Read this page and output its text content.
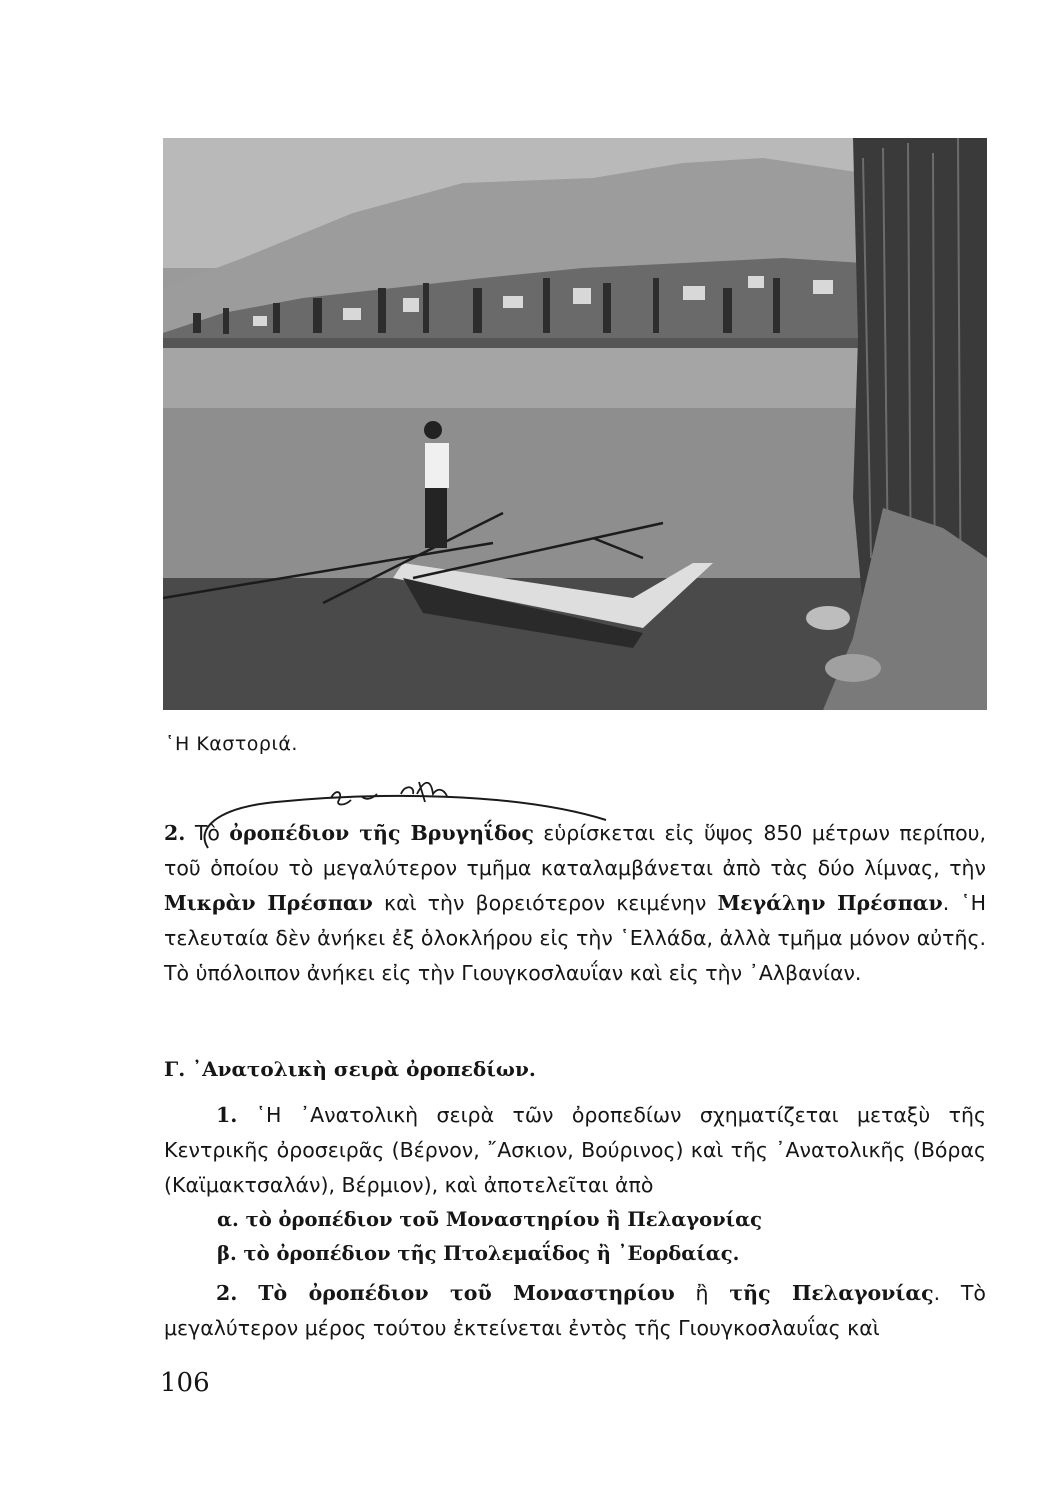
῾Η Καστοριά.
2. Τὸ ὀροπέδιον τῆς Βρυγηΐδος εὑρίσκεται εἰς ὕψος 850 μέτρων περίπου, τοῦ ὁποίου τὸ μεγαλύτερον τμῆμα καταλαμβάνεται ἀπὸ τὰς δύο λίμνας, τὴν Μικρὰν Πρέσπαν καὶ τὴν βορειότερον κειμένην Μεγάλην Πρέσπαν. ῾Η τελευταία δὲν ἀνήκει ἐξ ὁλοκλήρου εἰς τὴν ῾Ελλάδα, ἀλλὰ τμῆμα μόνον αὐτῆς. Τὸ ὑπόλοιπον ἀνήκει εἰς τὴν Γιουγκοσλαυΐαν καὶ εἰς τὴν ᾿Αλβανίαν.
Γ. ᾿Ανατολικὴ σειρὰ ὀροπεδίων.
1. ῾Η ᾿Ανατολικὴ σειρὰ τῶν ὀροπεδίων σχηματίζεται μεταξὺ τῆς Κεντρικῆς ὀροσειρᾶς (Βέρνον, ῎Ασκιον, Βούρινος) καὶ τῆς ᾿Ανατολικῆς (Βόρας (Καϊμακτσαλάν), Βέρμιον), καὶ ἀποτελεῖται ἀπὸ
α. τὸ ὀροπέδιον τοῦ Μοναστηρίου ἢ Πελαγονίας
β. τὸ ὀροπέδιον τῆς Πτολεμαΐδος ἢ ᾿Εορδαίας.
2. Τὸ ὀροπέδιον τοῦ Μοναστηρίου ἢ τῆς Πελαγονίας. Τὸ μεγαλύτερον μέρος τούτου ἐκτείνεται ἐντὸς τῆς Γιουγκοσλαυΐας καὶ
106
